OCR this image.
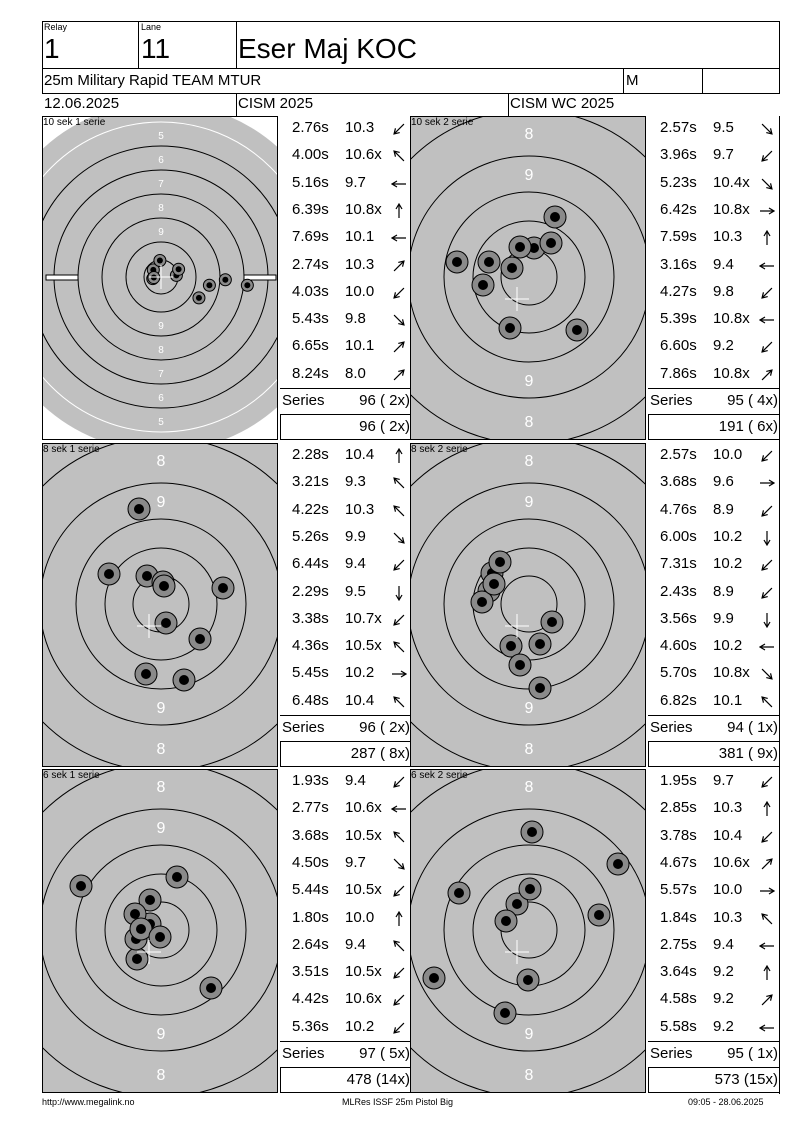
Relay
1
Lane
11 Eser Maj KOC
25m Military Rapid TEAM MTUR	M
12.06.2025	CISM 2025	CISM WC 2025
5
5
6
6
7
7
8
8
9
9
10 sek 1 serie	2.76s 10.3
4.00s 10.6x
5.16s 9.7
6.39s 10.8x
7.69s 10.1
2.74s 10.3
4.03s 10.0
5.43s 9.8
6.65s 10.1
8.24s 8.0
Series 96 ( 2x)
96 ( 2x)
8
8
9
9
10 sek 2 serie	2.57s 9.5
3.96s 9.7
5.23s 10.4x
6.42s 10.8x
7.59s 10.3
3.16s 9.4
4.27s 9.8
5.39s 10.8x
6.60s 9.2
7.86s 10.8x
Series 95 ( 4x)
191 ( 6x)
8
8
9
9
8 sek 1 serie	2.28s 10.4
3.21s 9.3
4.22s 10.3
5.26s 9.9
6.44s 9.4
2.29s 9.5
3.38s 10.7x
4.36s 10.5x
5.45s 10.2
6.48s 10.4
Series 96 ( 2x)
287 ( 8x)
8
8
9
9
8 sek 2 serie	2.57s 10.0
3.68s 9.6
4.76s 8.9
6.00s 10.2
7.31s 10.2
2.43s 8.9
3.56s 9.9
4.60s 10.2
5.70s 10.8x
6.82s 10.1
Series 94 ( 1x)
381 ( 9x)
8
8
9
9
6 sek 1 serie	1.93s 9.4
2.77s 10.6x
3.68s 10.5x
4.50s 9.7
5.44s 10.5x
1.80s 10.0
2.64s 9.4
3.51s 10.5x
4.42s 10.6x
5.36s 10.2
Series 97 ( 5x)
478 (14x)
8
8
9
6 sek 2 serie	1.95s 9.7
2.85s 10.3
3.78s 10.4
4.67s 10.6x
5.57s 10.0
1.84s 10.3
2.75s 9.4
3.64s 9.2
4.58s 9.2
5.58s 9.2
Series 95 ( 1x)
573 (15x)
http://www.megalink.no	MLRes ISSF 25m Pistol Big	09:05 - 28.06.2025
